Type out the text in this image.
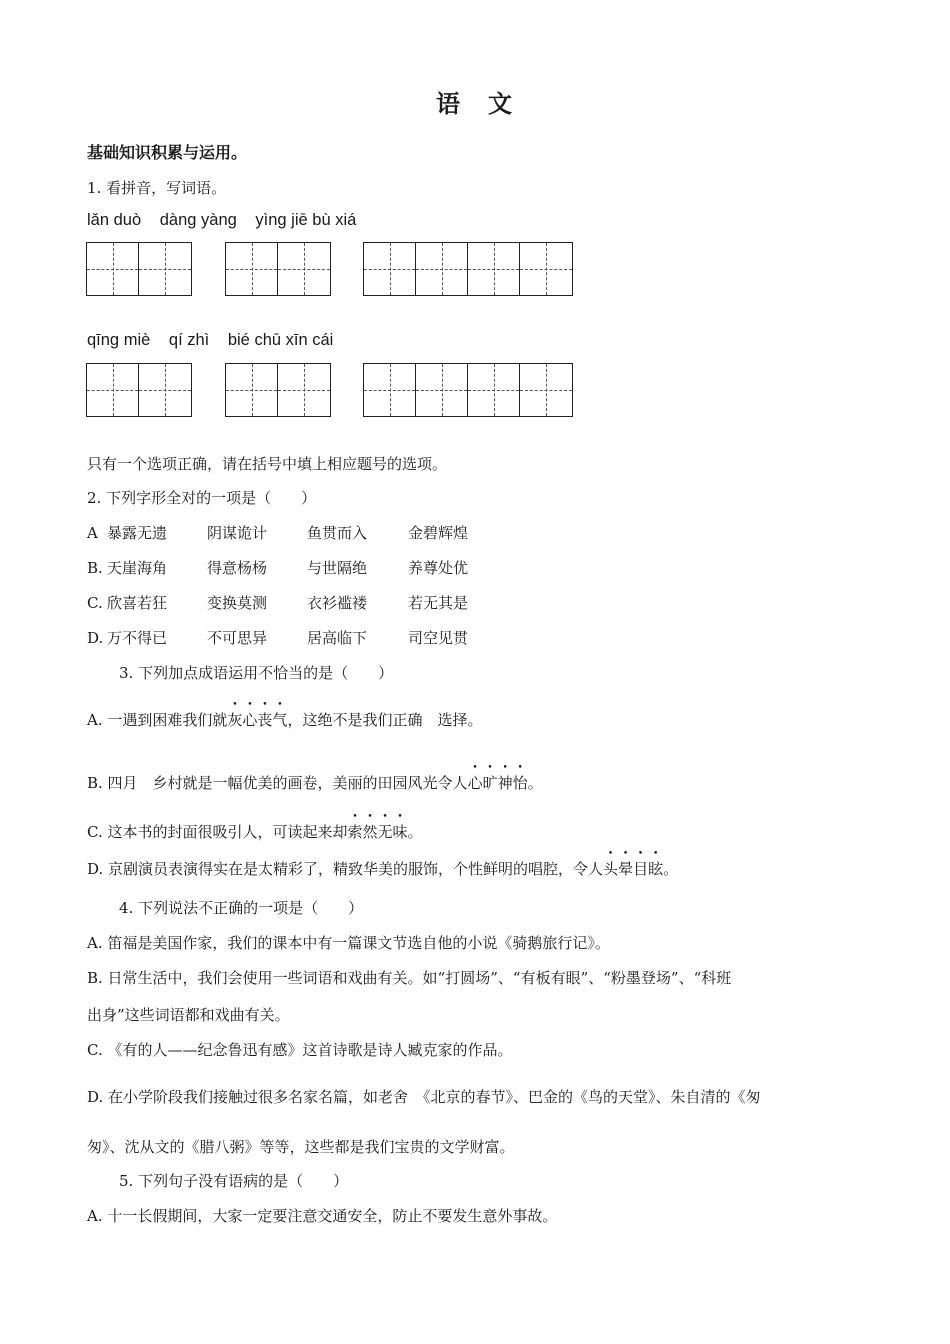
语 文
基础知识积累与运用。
1. 看拼音，写词语。
lǎn duò dàng yàng yìng jiē bù xiá
qīng miè qí zhì bié chū xīn cái
只有一个选项正确，请在括号中填上相应题号的选项。
2. 下列字形全对的一项是（　　）
A 暴露无遗	阴谋诡计	鱼贯而入	金碧辉煌
B. 天崖海角	得意杨杨	与世隔绝	养尊处优
C. 欣喜若狂	变换莫测	衣衫褴褛	若无其是
D. 万不得已	不可思异	居高临下	司空见贯
3. 下列加点成语运用不恰当的是（　　）
A. 一遇到困难我们就灰心丧气，这绝不是我们正确　选择。
B. 四月　乡村就是一幅优美的画卷，美丽的田园风光令人心旷神怡。
C. 这本书的封面很吸引人，可读起来却索然无味。
D. 京剧演员表演得实在是太精彩了，精致华美的服饰，个性鲜明的唱腔，令人头晕目眩。
4. 下列说法不正确的一项是（　　）
A. 笛福是美国作家，我们的课本中有一篇课文节选自他的小说《骑鹅旅行记》。
B. 日常生活中，我们会使用一些词语和戏曲有关。如“打圆场”、“有板有眼”、“粉墨登场”、“科班
出身”这些词语都和戏曲有关。
C. 《有的人——纪念鲁迅有感》这首诗歌是诗人臧克家的作品。
D. 在小学阶段我们接触过很多名家名篇，如老舍　《北京的春节》、巴金的《鸟的天堂》、朱自清的《匆
匆》、沈从文的《腊八粥》等等，这些都是我们宝贵的文学财富。
5. 下列句子没有语病的是（　　）
A. 十一长假期间，大家一定要注意交通安全，防止不要发生意外事故。
